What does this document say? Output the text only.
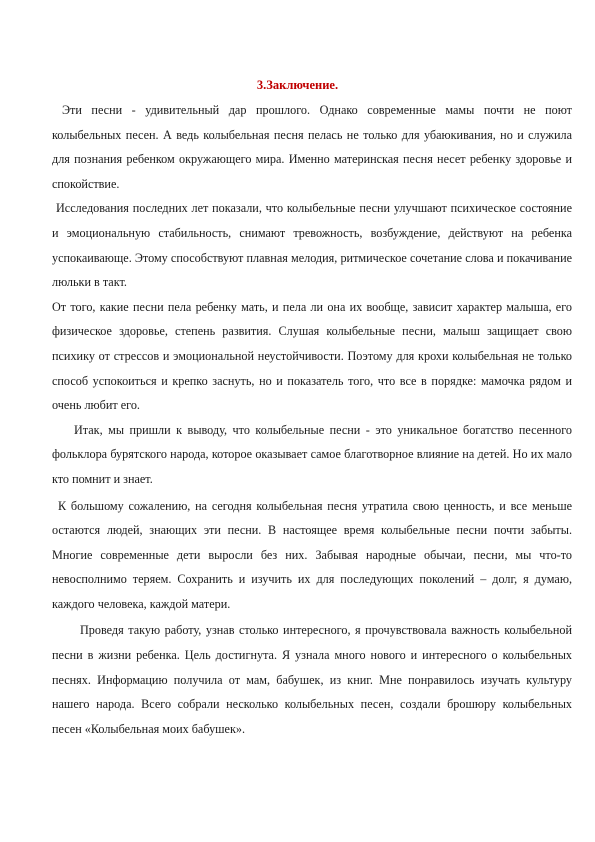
3.Заключение.

Эти песни - удивительный дар прошлого. Однако современные мамы почти не поют колыбельных песен. А ведь колыбельная песня пелась не только для убаюкивания, но и служила для познания ребенком окружающего мира. Именно материнская песня несет ребенку здоровье и спокойствие.

Исследования последних лет показали, что колыбельные песни улучшают психическое состояние и эмоциональную стабильность, снимают тревожность, возбуждение, действуют на ребенка успокаивающе. Этому способствуют плавная мелодия, ритмическое сочетание слова и покачивание люльки в такт.

От того, какие песни пела ребенку мать, и пела ли она их вообще, зависит характер малыша, его физическое здоровье, степень развития. Слушая колыбельные песни, малыш защищает свою психику от стрессов и эмоциональной неустойчивости. Поэтому для крохи колыбельная не только способ успокоиться и крепко заснуть, но и показатель того, что все в порядке: мамочка рядом и очень любит его.

Итак, мы пришли к выводу, что колыбельные песни - это уникальное богатство песенного фольклора бурятского народа, которое оказывает самое благотворное влияние на детей. Но их мало кто помнит и знает.

К большому сожалению, на сегодня колыбельная песня утратила свою ценность, и все меньше остаются людей, знающих эти песни. В настоящее время колыбельные песни почти забыты. Многие современные дети выросли без них. Забывая народные обычаи, песни, мы что-то невосполнимо теряем. Сохранить и изучить их для последующих поколений – долг, я думаю, каждого человека, каждой матери.

Проведя такую работу, узнав столько интересного, я прочувствовала важность колыбельной песни в жизни ребенка. Цель достигнута. Я узнала много нового и интересного о колыбельных песнях. Информацию получила от мам, бабушек, из книг. Мне понравилось изучать культуру нашего народа. Всего собрали несколько колыбельных песен, создали брошюру колыбельных песен «Колыбельная моих бабушек».
